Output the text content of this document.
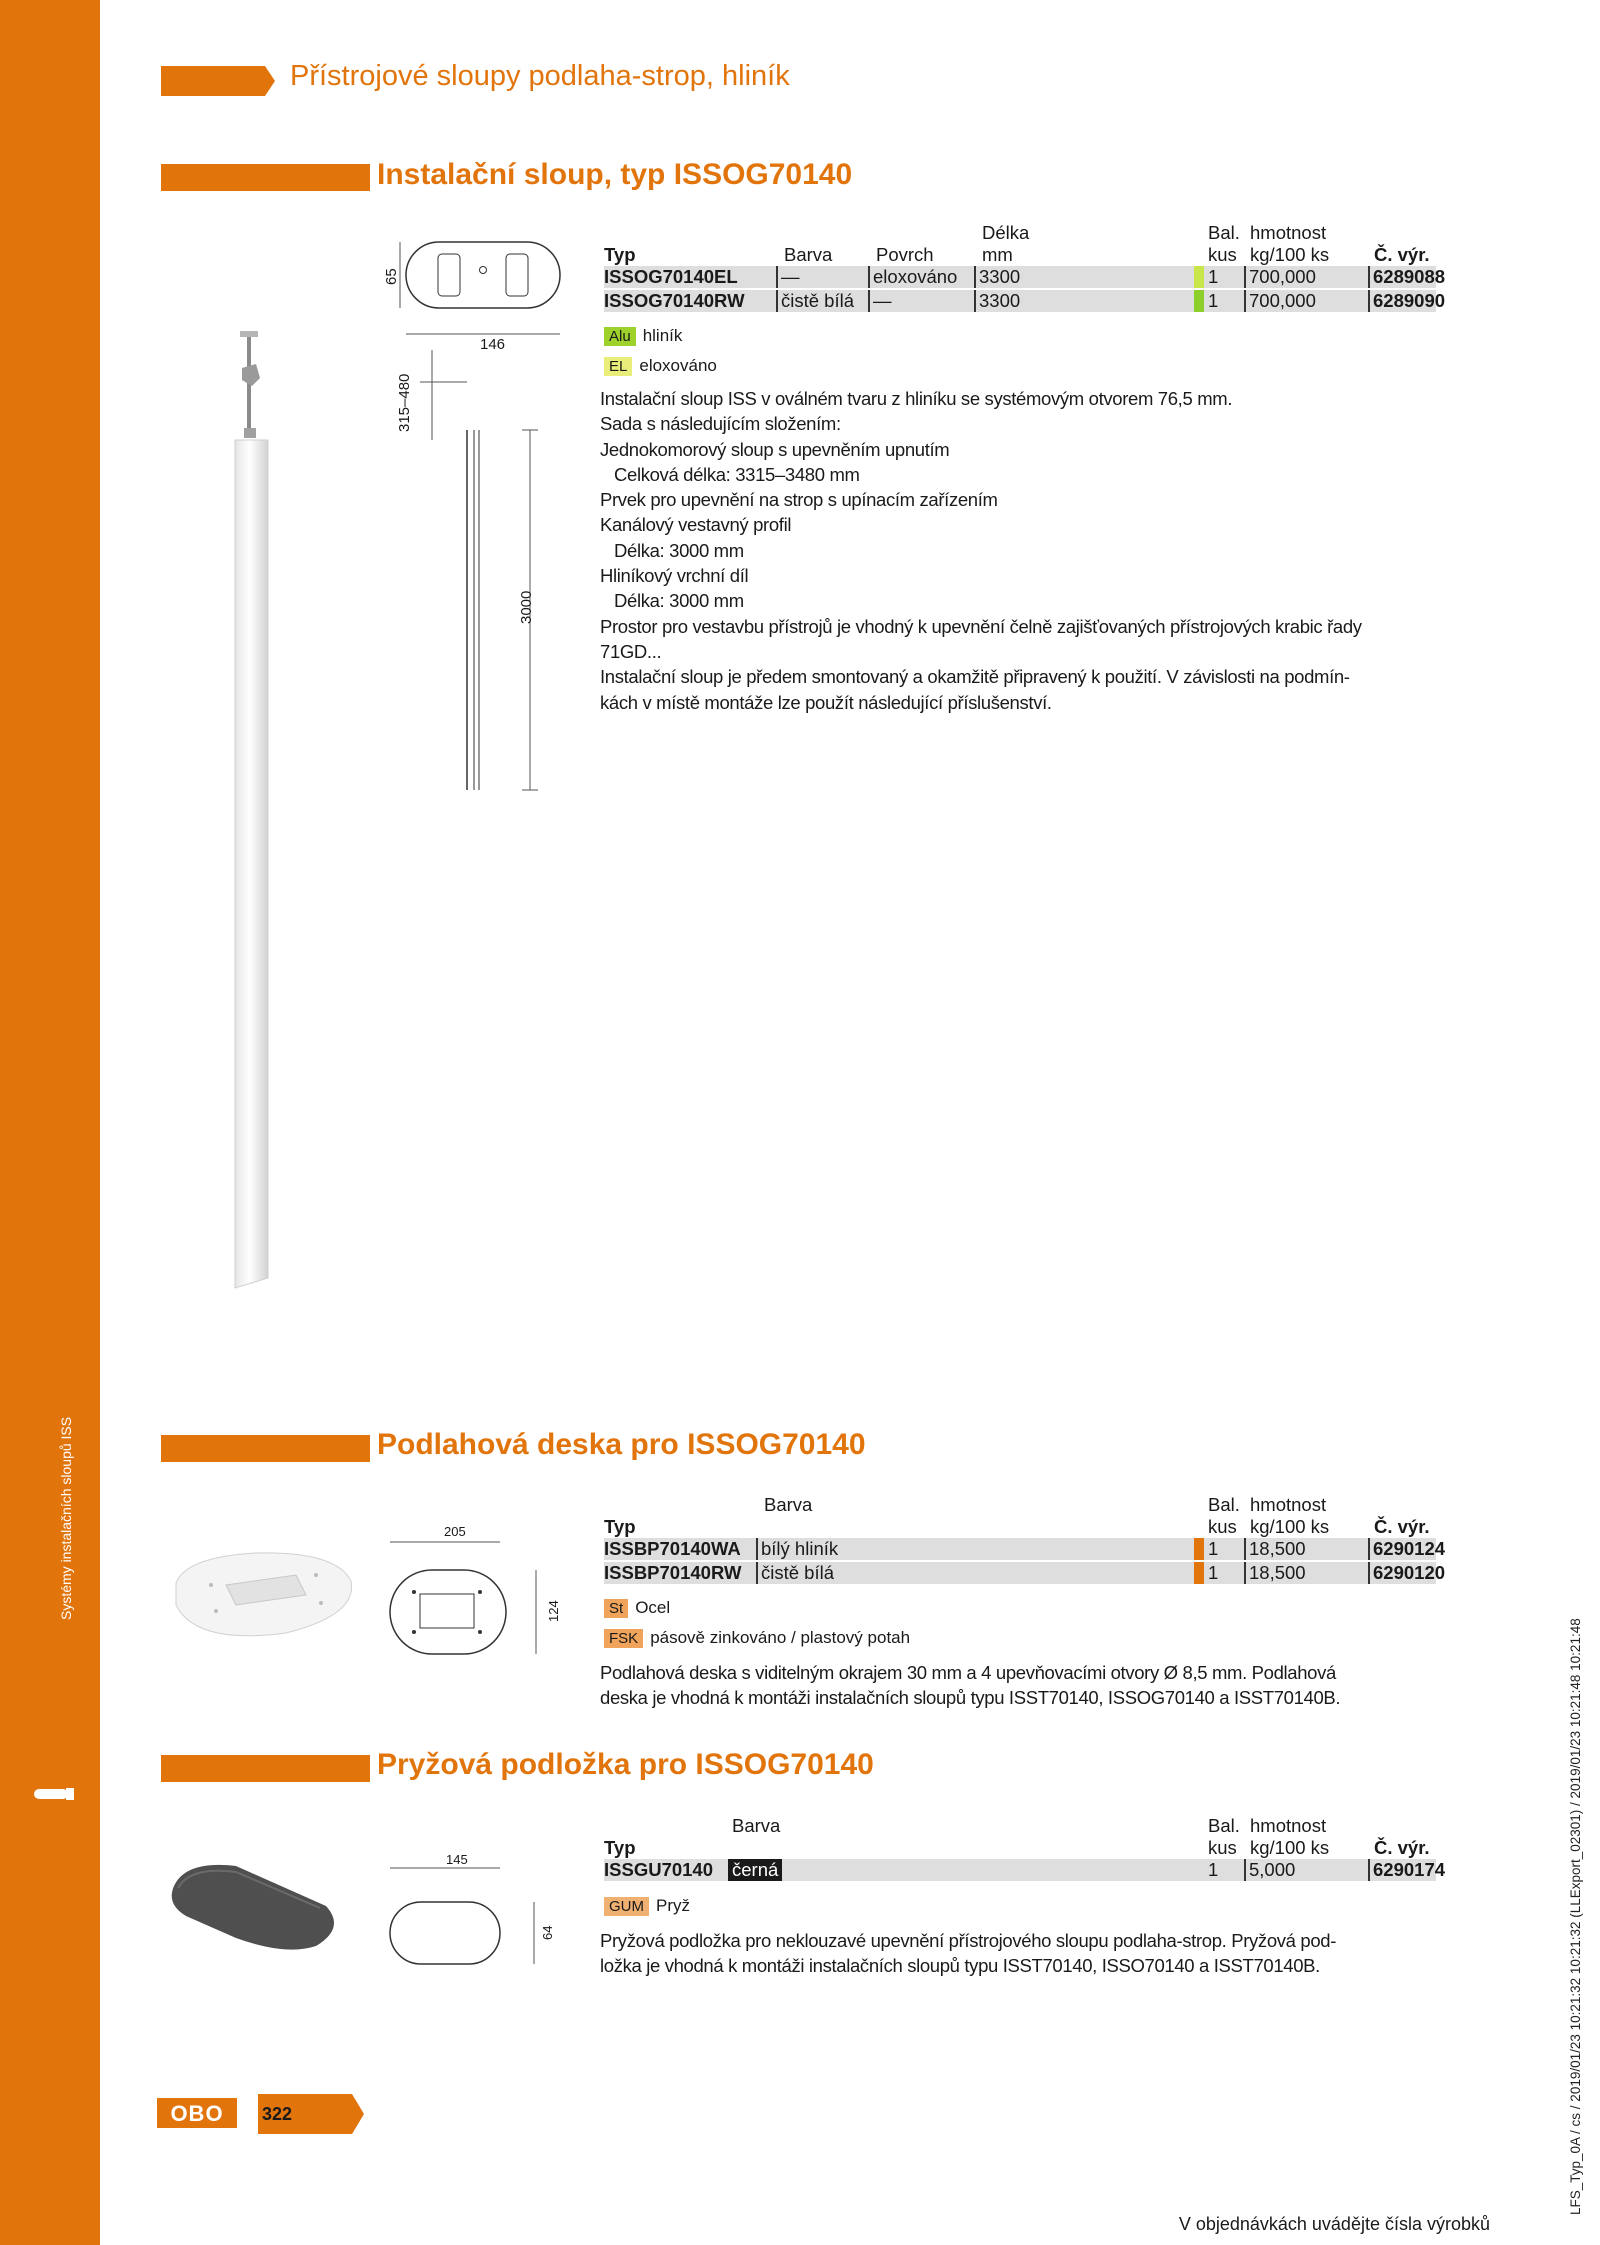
Systémy instalačních sloupů ISS
Přístrojové sloupy podlaha-strop, hliník
Instalační sloup, typ ISSOG70140
65
146
315–480
3000
Délka	Bal. hmotnost
Typ	Barva Povrch	mm	kus kg/100 ks Č. výr.
ISSOG70140EL —	eloxováno 3300	1 700,000	6289088
ISSOG70140RW čistě bílá —	3300	1 700,000	6289090
Alu hliník
EL eloxováno
Instalační sloup ISS v oválném tvaru z hliníku se systémovým otvorem 76,5 mm.
Sada s následujícím složením:
Jednokomorový sloup s upevněním upnutím
Celková délka: 3315–3480 mm
Prvek pro upevnění na strop s upínacím zařízením
Kanálový vestavný profil
Délka: 3000 mm
Hliníkový vrchní díl
Délka: 3000 mm
Prostor pro vestavbu přístrojů je vhodný k upevnění čelně zajišťovaných přístrojových krabic řady
71GD...
Instalační sloup je předem smontovaný a okamžitě připravený k použití. V závislosti na podmín-
kách v místě montáže lze použít následující příslušenství.
Podlahová deska pro ISSOG70140
205
124
Barva	Bal. hmotnost
Typ	kus kg/100 ks Č. výr.
ISSBP70140WA bílý hliník	1 18,500	6290124
ISSBP70140RW čistě bílá	1 18,500	6290120
St Ocel
FSK pásově zinkováno / plastový potah
Podlahová deska s viditelným okrajem 30 mm a 4 upevňovacími otvory Ø 8,5 mm. Podlahová
deska je vhodná k montáži instalačních sloupů typu ISST70140, ISSOG70140 a ISST70140B.
Pryžová podložka pro ISSOG70140
145
64
Barva	Bal. hmotnost
Typ	kus kg/100 ks Č. výr.
ISSGU70140 černá	1 5,000	6290174
GUM Pryž
Pryžová podložka pro neklouzavé upevnění přístrojového sloupu podlaha-strop. Pryžová pod-
ložka je vhodná k montáži instalačních sloupů typu ISST70140, ISSO70140 a ISST70140B.
OBO 322
V objednávkách uvádějte čísla výrobků
LFS_Typ_0A / cs / 2019/01/23 10:21:32 10:21:32 (LLExport_02301) / 2019/01/23 10:21:48 10:21:48
